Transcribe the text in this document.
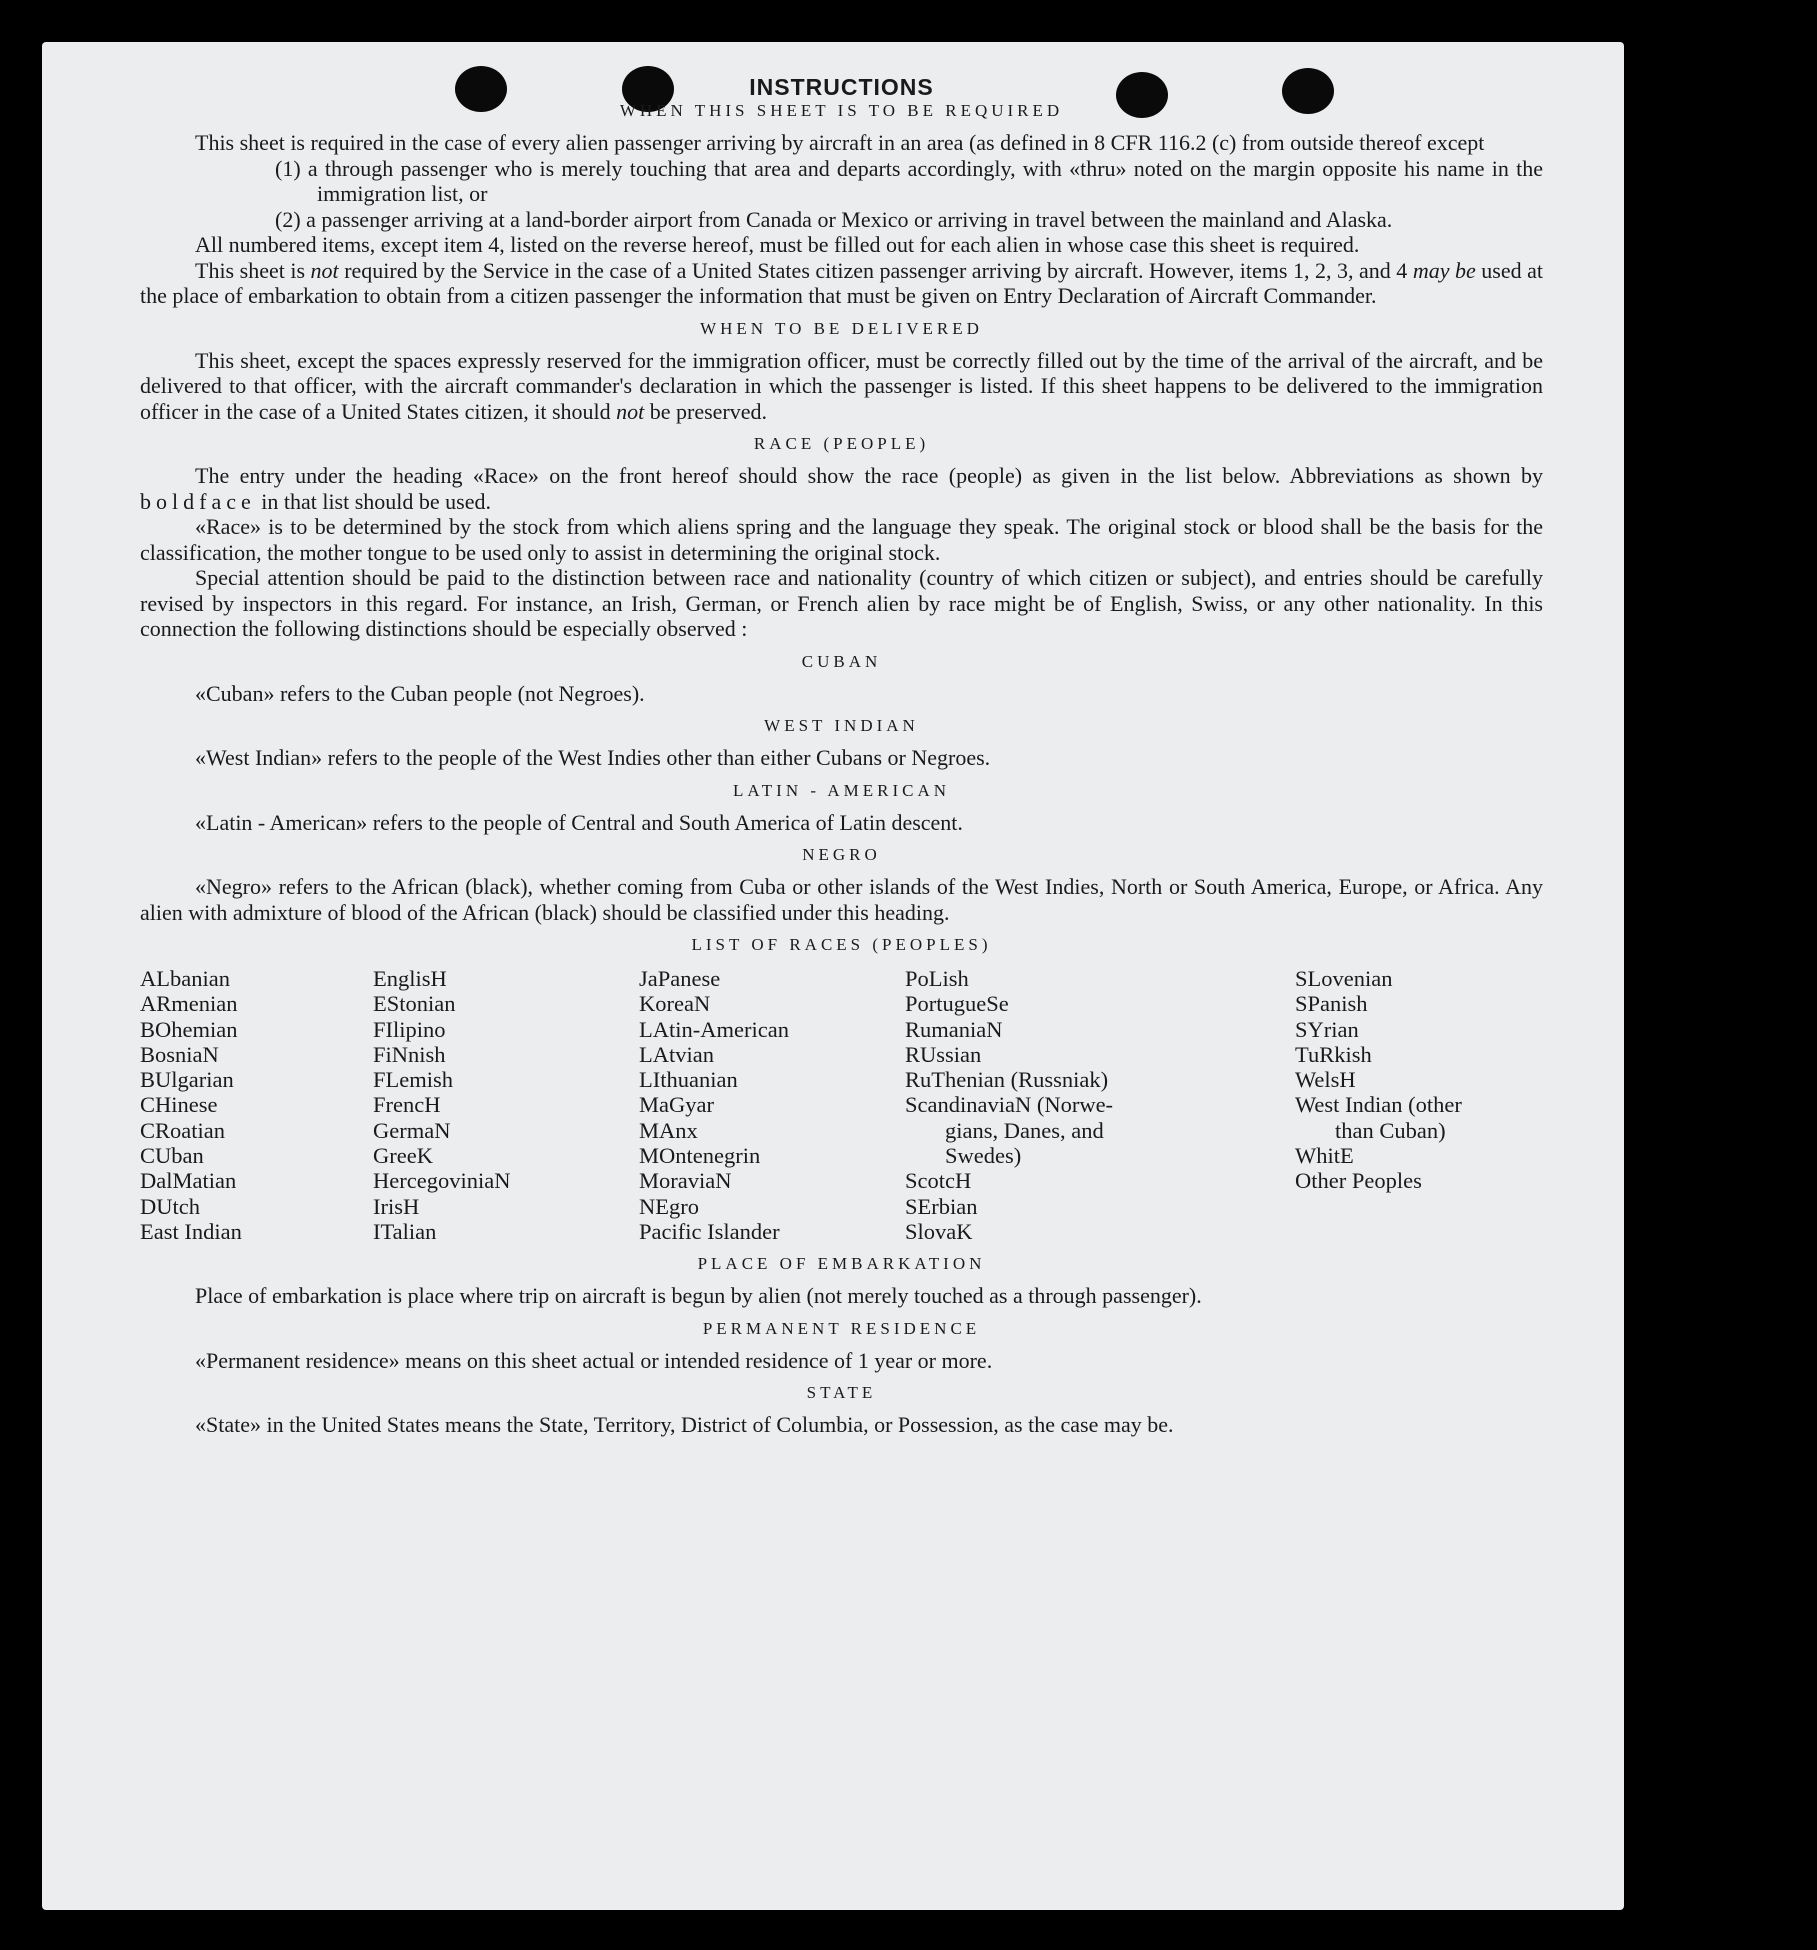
INSTRUCTIONS
WHEN THIS SHEET IS TO BE REQUIRED

This sheet is required in the case of every alien passenger arriving by aircraft in an area (as defined in 8 CFR 116.2 (c) from outside thereof except

(1) a through passenger who is merely touching that area and departs accordingly, with «thru» noted on the margin opposite his name in the immigration list, or

(2) a passenger arriving at a land-border airport from Canada or Mexico or arriving in travel between the mainland and Alaska.

All numbered items, except item 4, listed on the reverse hereof, must be filled out for each alien in whose case this sheet is required.

This sheet is not required by the Service in the case of a United States citizen passenger arriving by aircraft. However, items 1, 2, 3, and 4 may be used at the place of embarkation to obtain from a citizen passenger the information that must be given on Entry Declaration of Aircraft Commander.

WHEN TO BE DELIVERED

This sheet, except the spaces expressly reserved for the immigration officer, must be correctly filled out by the time of the arrival of the aircraft, and be delivered to that officer, with the aircraft commander's declaration in which the passenger is listed. If this sheet happens to be delivered to the immigration officer in the case of a United States citizen, it should not be preserved.

RACE (PEOPLE)

The entry under the heading «Race» on the front hereof should show the race (people) as given in the list below. Abbreviations as shown by boldface in that list should be used.

«Race» is to be determined by the stock from which aliens spring and the language they speak. The original stock or blood shall be the basis for the classification, the mother tongue to be used only to assist in determining the original stock.

Special attention should be paid to the distinction between race and nationality (country of which citizen or subject), and entries should be carefully revised by inspectors in this regard. For instance, an Irish, German, or French alien by race might be of English, Swiss, or any other nationality. In this connection the following distinctions should be especially observed :

CUBAN

«Cuban» refers to the Cuban people (not Negroes).

WEST INDIAN

«West Indian» refers to the people of the West Indies other than either Cubans or Negroes.

LATIN - AMERICAN

«Latin - American» refers to the people of Central and South America of Latin descent.

NEGRO

«Negro» refers to the African (black), whether coming from Cuba or other islands of the West Indies, North or South America, Europe, or Africa. Any alien with admixture of blood of the African (black) should be classified under this heading.

LIST OF RACES (PEOPLES)
ALbanian
ARmenian
BOhemian
BosniaN
BUlgarian
CHinese
CRoatian
CUban
DalMatian
DUtch
East Indian
EnglisH
EStonian
FIlipino
FiNnish
FLemish
FrencH
GermaN
GreeK
HercegoviniaN
IrisH
ITalian
JaPanese
KoreaN
LAtin-American
LAtvian
LIthuanian
MaGyar
MAnx
MOntenegrin
MoraviaN
NEgro
Pacific Islander
PoLish
PortugueSe
RumaniaN
RUssian
RuThenian (Russniak)
ScandinaviaN (Norwe-
gians, Danes, and
Swedes)
ScotcH
SErbian
SlovaK
SLovenian
SPanish
SYrian
TuRkish
WelsH
West Indian (other
than Cuban)
WhitE
Other Peoples
PLACE OF EMBARKATION

Place of embarkation is place where trip on aircraft is begun by alien (not merely touched as a through passenger).

PERMANENT RESIDENCE

«Permanent residence» means on this sheet actual or intended residence of 1 year or more.

STATE

«State» in the United States means the State, Territory, District of Columbia, or Possession, as the case may be.
